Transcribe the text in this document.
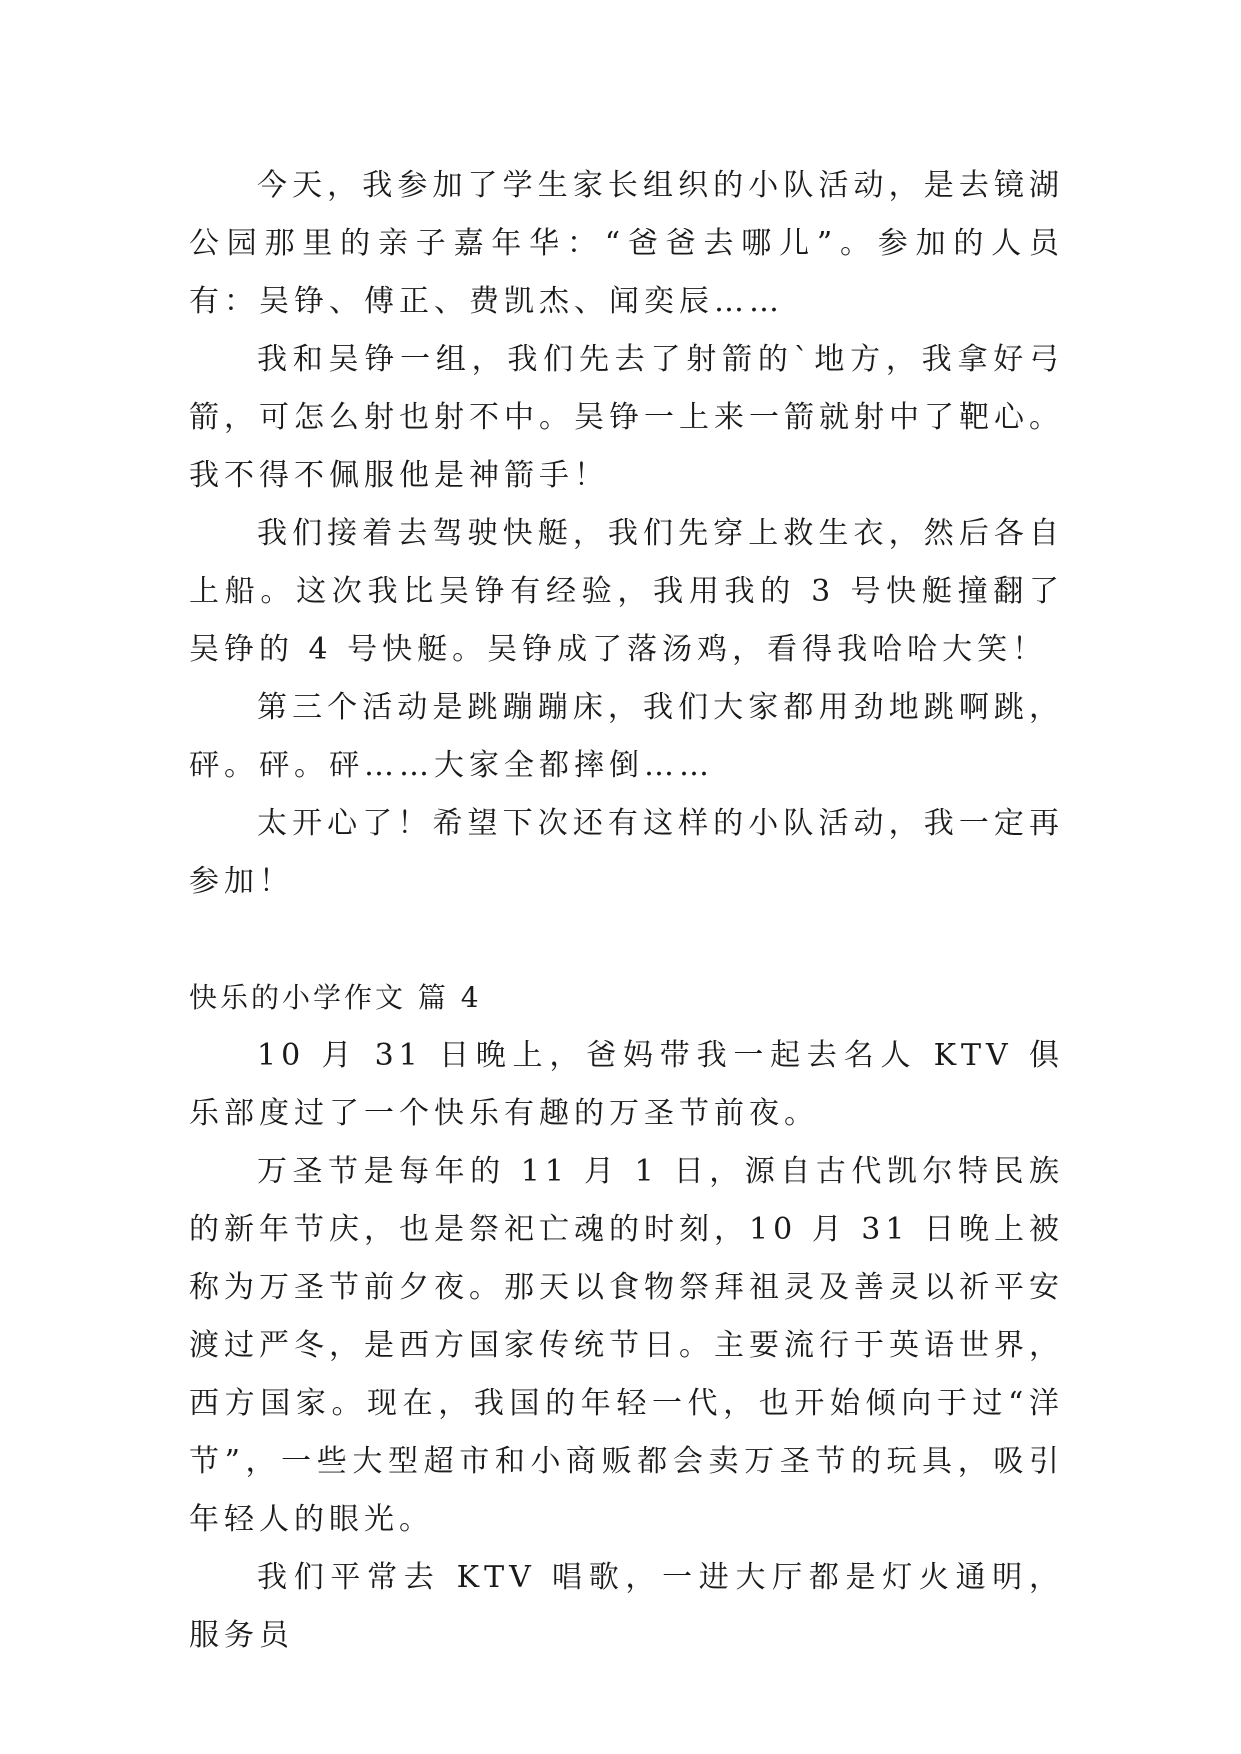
今天，我参加了学生家长组织的小队活动，是去镜湖公园那里的亲子嘉年华：“爸爸去哪儿”。参加的人员有：吴铮、傅正、费凯杰、闻奕辰……

我和吴铮一组，我们先去了射箭的`地方，我拿好弓箭，可怎么射也射不中。吴铮一上来一箭就射中了靶心。我不得不佩服他是神箭手！

我们接着去驾驶快艇，我们先穿上救生衣，然后各自上船。这次我比吴铮有经验，我用我的 3 号快艇撞翻了吴铮的 4 号快艇。吴铮成了落汤鸡，看得我哈哈大笑！

第三个活动是跳蹦蹦床，我们大家都用劲地跳啊跳，砰。砰。砰……大家全都摔倒……

太开心了！希望下次还有这样的小队活动，我一定再参加！

快乐的小学作文 篇 4

10 月 31 日晚上，爸妈带我一起去名人 KTV 俱乐部度过了一个快乐有趣的万圣节前夜。

万圣节是每年的 11 月 1 日，源自古代凯尔特民族的新年节庆，也是祭祀亡魂的时刻，10 月 31 日晚上被称为万圣节前夕夜。那天以食物祭拜祖灵及善灵以祈平安渡过严冬，是西方国家传统节日。主要流行于英语世界，西方国家。现在，我国的年轻一代，也开始倾向于过“洋节”，一些大型超市和小商贩都会卖万圣节的玩具，吸引年轻人的眼光。

我们平常去 KTV 唱歌，一进大厅都是灯火通明，服务员
